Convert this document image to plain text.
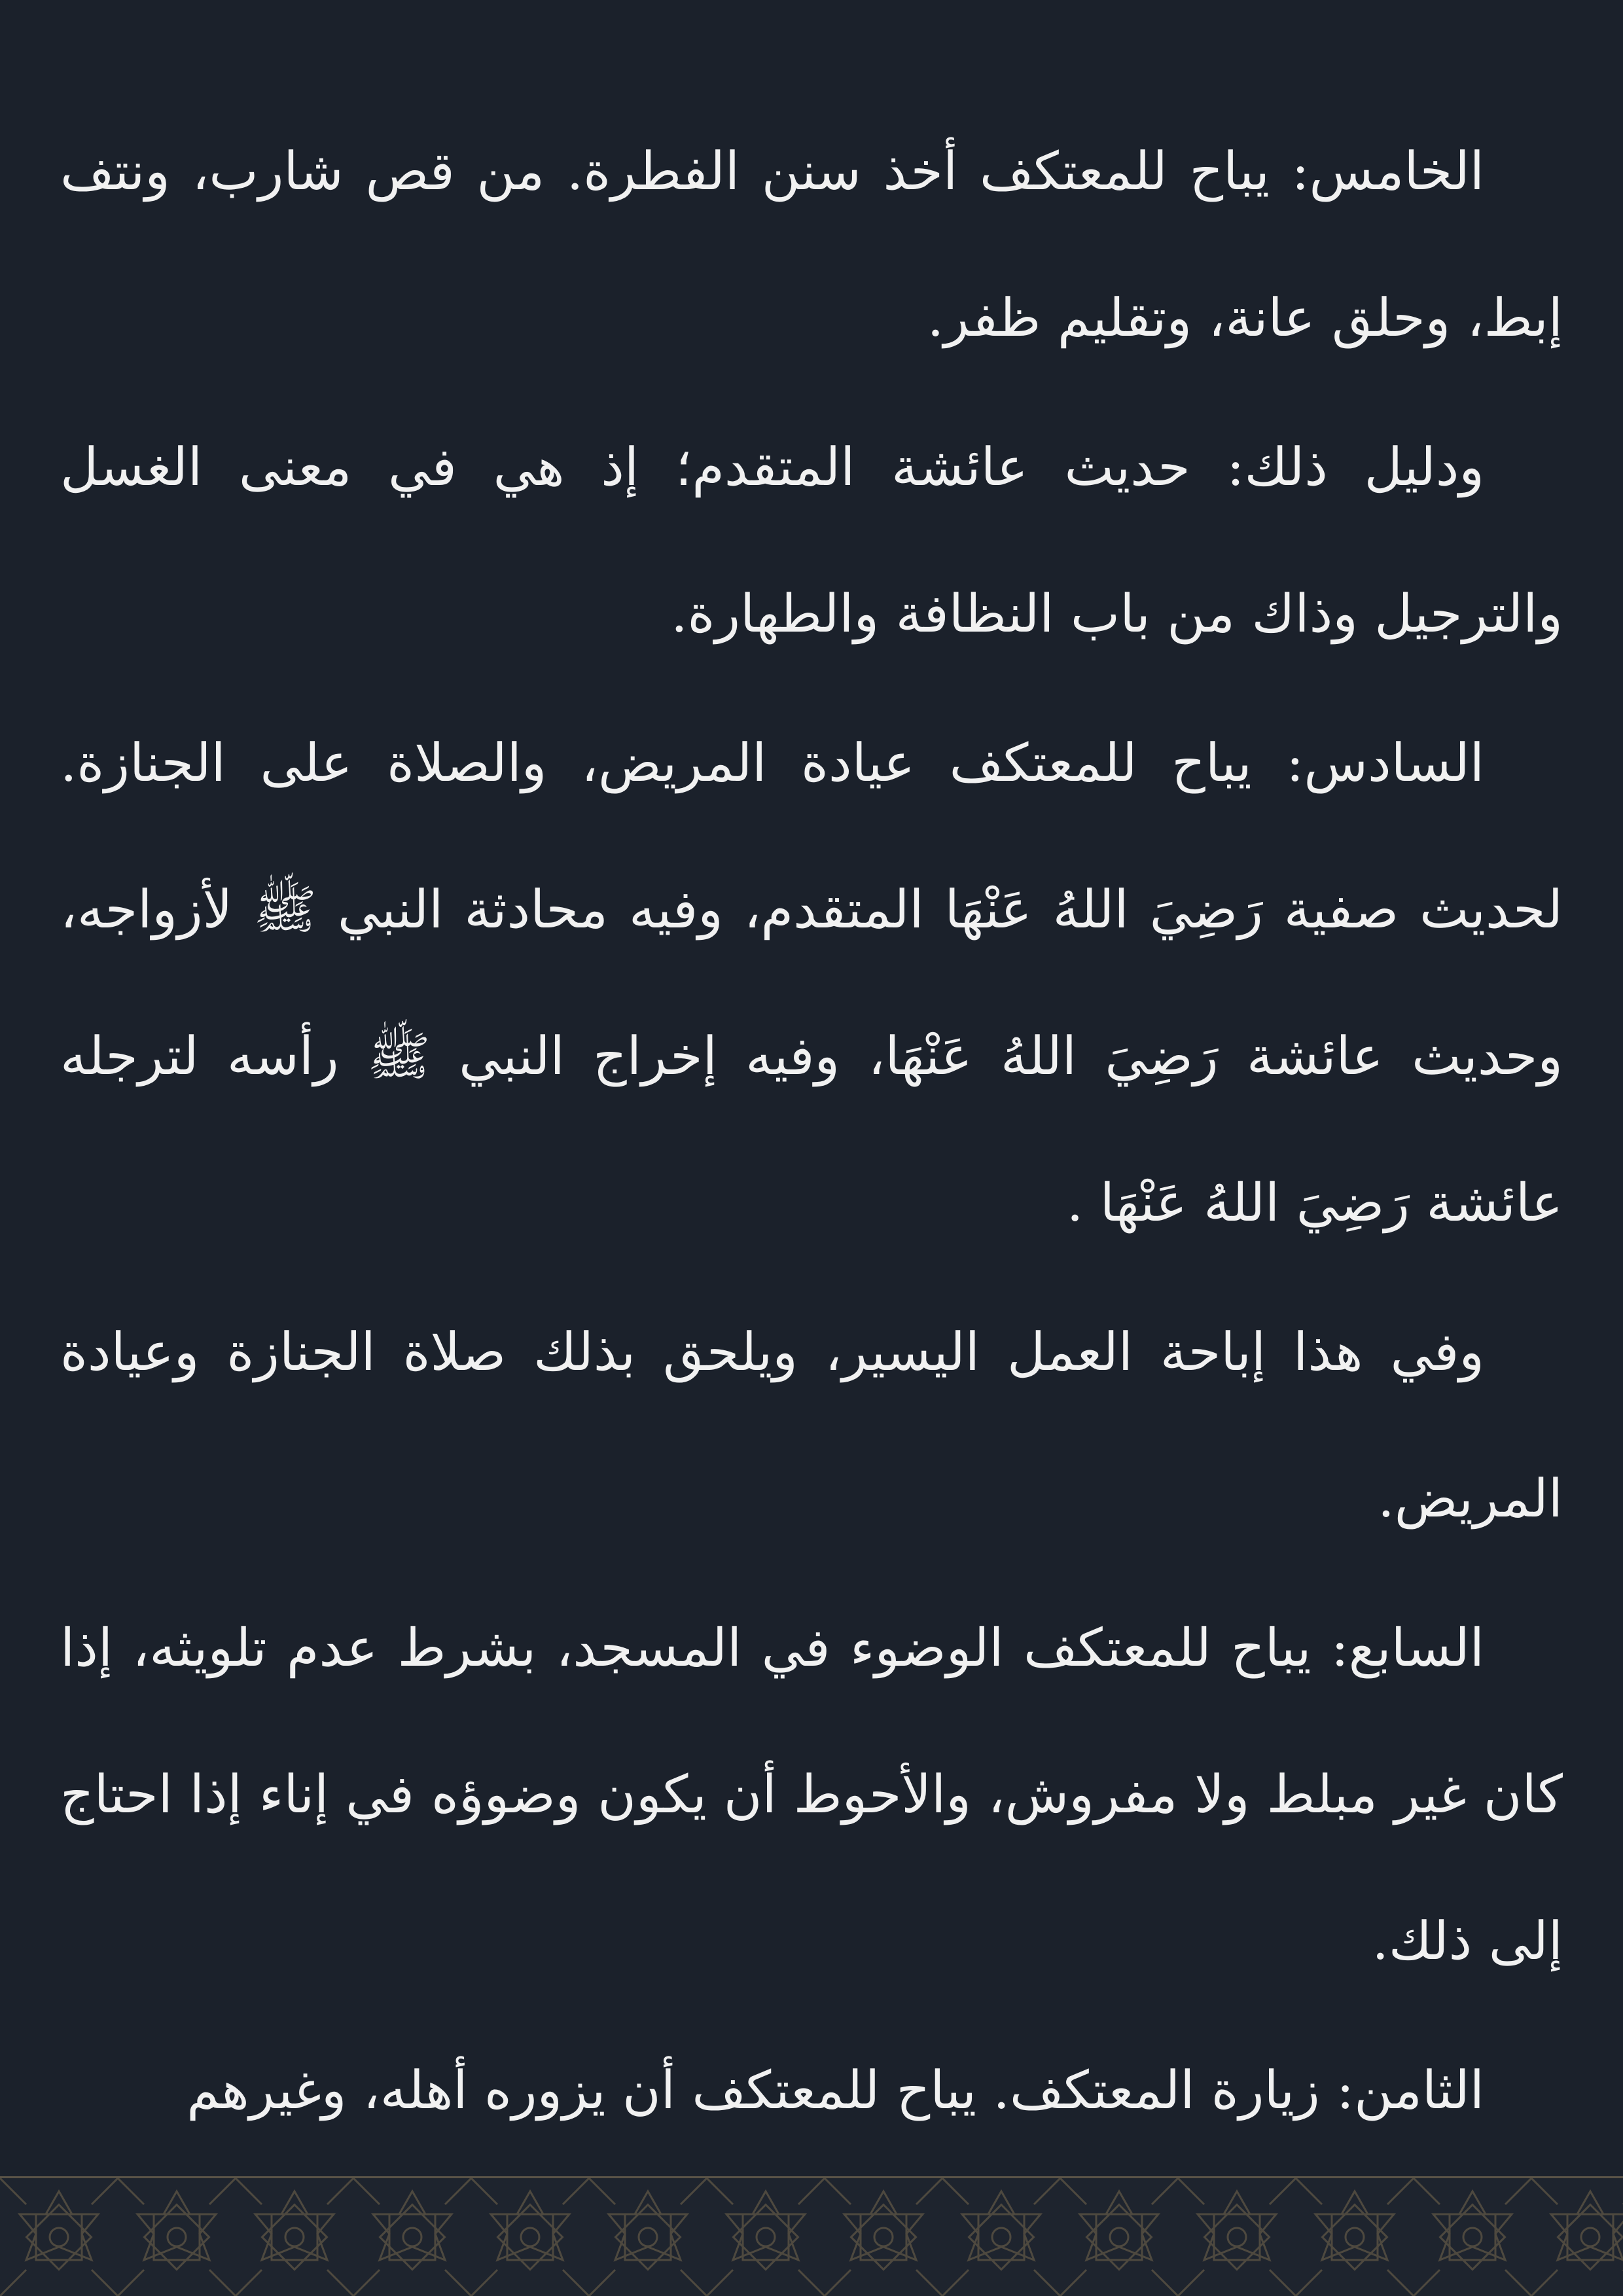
الخامس: يباح للمعتكف أخذ سنن الفطرة. من قص شارب، ونتف إبط، وحلق عانة، وتقليم ظفر.

ودليل ذلك: حديث عائشة المتقدم؛ إذ هي في معنى الغسل والترجيل وذاك من باب النظافة والطهارة.

السادس: يباح للمعتكف عيادة المريض، والصلاة على الجنازة. لحديث صفية رَضِيَ اللهُ عَنْهَا المتقدم، وفيه محادثة النبي ﷺ لأزواجه، وحديث عائشة رَضِيَ اللهُ عَنْهَا، وفيه إخراج النبي ﷺ رأسه لترجله عائشة رَضِيَ اللهُ عَنْهَا .

وفي هذا إباحة العمل اليسير، ويلحق بذلك صلاة الجنازة وعيادة المريض.

السابع: يباح للمعتكف الوضوء في المسجد، بشرط عدم تلويثه، إذا كان غير مبلط ولا مفروش، والأحوط أن يكون وضوؤه في إناء إذا احتاج إلى ذلك.

الثامن: زيارة المعتكف. يباح للمعتكف أن يزوره أهله، وغيرهم
